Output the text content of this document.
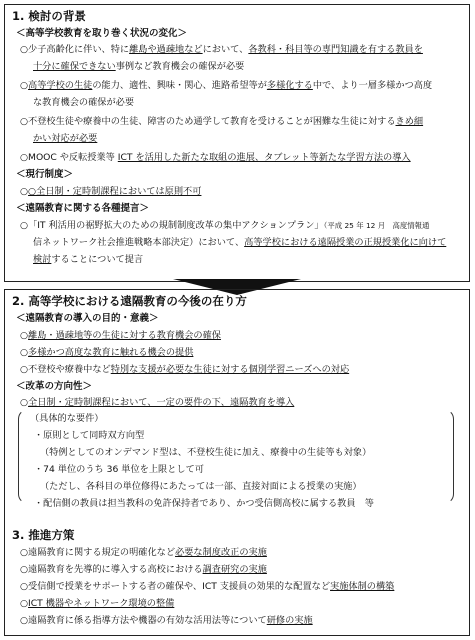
1. 検討の背景
＜高等学校教育を取り巻く状況の変化＞
○少子高齢化に伴い、特に離島や過疎地などにおいて、各教科・科目等の専門知識を有する教員を
十分に確保できない事例など教育機会の確保が必要
○高等学校の生徒の能力、適性、興味・関心、進路希望等が多様化する中で、より一層多様かつ高度
な教育機会の確保が必要
○不登校生徒や療養中の生徒、障害のため通学して教育を受けることが困難な生徒に対するきめ細
かい対応が必要
○MOOC や反転授業等 ICT を活用した新たな取組の進展、タブレット等新たな学習方法の導入
＜現行制度＞
○○全日制・定時制課程においては原則不可
＜遠隔教育に関する各種提言＞
○「IT 利活用の裾野拡大のための規制制度改革の集中アクションプラン」（平成 25 年 12 月　高度情報通
信ネットワーク社会推進戦略本部決定）において、高等学校における遠隔授業の正規授業化に向けて
検討することについて提言
2. 高等学校における遠隔教育の今後の在り方
＜遠隔教育の導入の目的・意義＞
○離島・過疎地等の生徒に対する教育機会の確保
○多様かつ高度な教育に触れる機会の提供
○不登校や療養中など特別な支援が必要な生徒に対する個別学習ニーズへの対応
＜改革の方向性＞
○全日制・定時制課程において、一定の要件の下、遠隔教育を導入
（具体的な要件）
・原則として同時双方向型
（特例としてのオンデマンド型は、不登校生徒に加え、療養中の生徒等も対象）
・74 単位のうち 36 単位を上限として可
（ただし、各科目の単位修得にあたっては一部、直接対面による授業の実施）
・配信側の教員は担当教科の免許保持者であり、かつ受信側高校に属する教員　等
3. 推進方策
○遠隔教育に関する規定の明確化など必要な制度改正の実施
○遠隔教育を先導的に導入する高校における調査研究の実施
○受信側で授業をサポートする者の確保や、ICT 支援員の効果的な配置など実施体制の構築
○ICT 機器やネットワーク環境の整備
○遠隔教育に係る指導方法や機器の有効な活用法等について研修の実施
